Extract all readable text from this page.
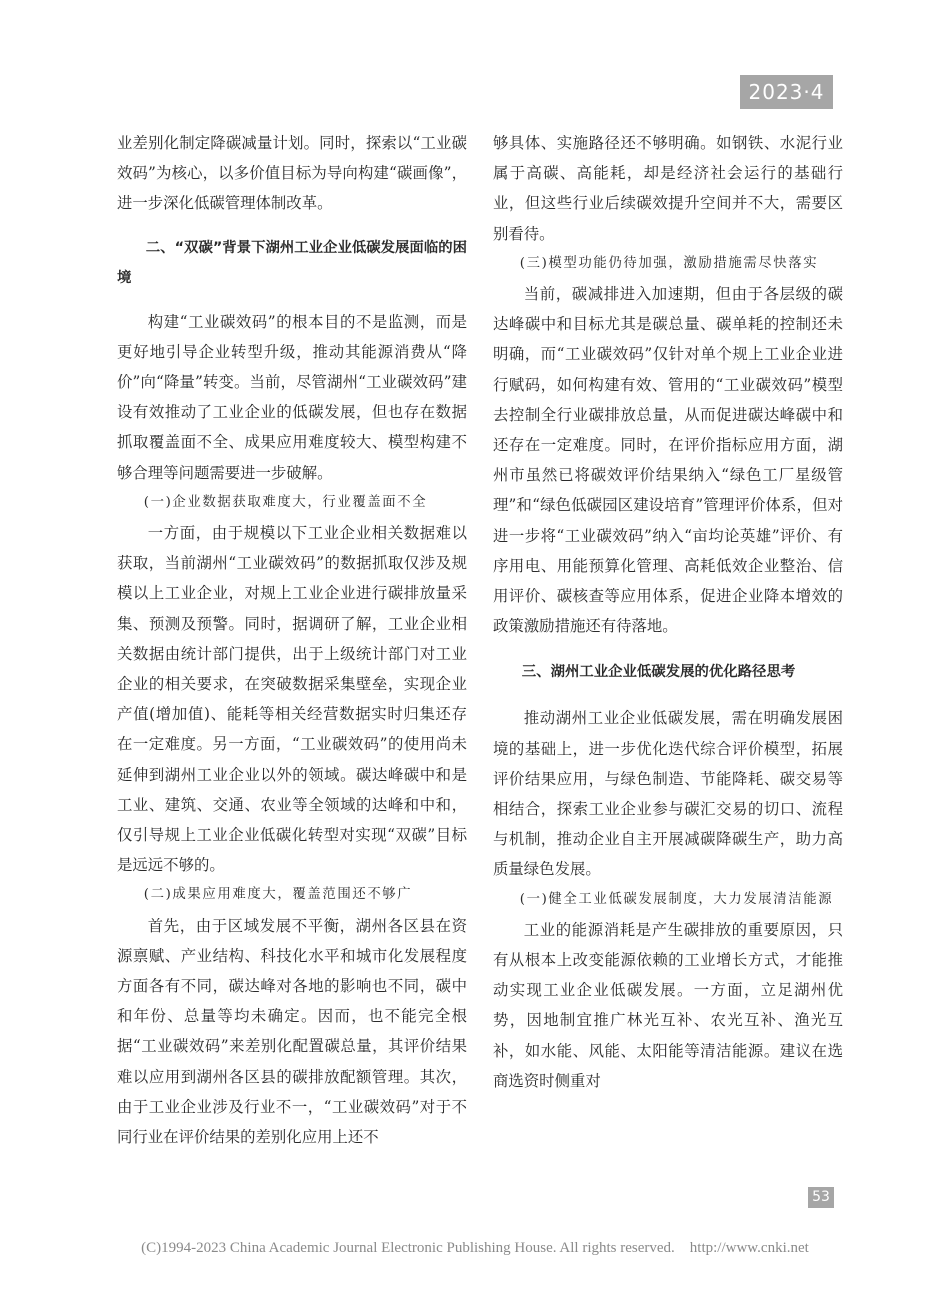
2023·4

业差别化制定降碳减量计划。同时，探索以“工业碳效码”为核心，以多价值目标为导向构建“碳画像”，进一步深化低碳管理体制改革。

二、“双碳”背景下湖州工业企业低碳发展面临的困境

构建“工业碳效码”的根本目的不是监测，而是更好地引导企业转型升级，推动其能源消费从“降价”向“降量”转变。当前，尽管湖州“工业碳效码”建设有效推动了工业企业的低碳发展，但也存在数据抓取覆盖面不全、成果应用难度较大、模型构建不够合理等问题需要进一步破解。

(一)企业数据获取难度大，行业覆盖面不全

一方面，由于规模以下工业企业相关数据难以获取，当前湖州“工业碳效码”的数据抓取仅涉及规模以上工业企业，对规上工业企业进行碳排放量采集、预测及预警。同时，据调研了解，工业企业相关数据由统计部门提供，出于上级统计部门对工业企业的相关要求，在突破数据采集壁垒，实现企业产值(增加值)、能耗等相关经营数据实时归集还存在一定难度。另一方面，“工业碳效码”的使用尚未延伸到湖州工业企业以外的领域。碳达峰碳中和是工业、建筑、交通、农业等全领域的达峰和中和，仅引导规上工业企业低碳化转型对实现“双碳”目标是远远不够的。

(二)成果应用难度大，覆盖范围还不够广

首先，由于区域发展不平衡，湖州各区县在资源禀赋、产业结构、科技化水平和城市化发展程度方面各有不同，碳达峰对各地的影响也不同，碳中和年份、总量等均未确定。因而，也不能完全根据“工业碳效码”来差别化配置碳总量，其评价结果难以应用到湖州各区县的碳排放配额管理。其次，由于工业企业涉及行业不一，“工业碳效码”对于不同行业在评价结果的差别化应用上还不

够具体、实施路径还不够明确。如钢铁、水泥行业属于高碳、高能耗，却是经济社会运行的基础行业，但这些行业后续碳效提升空间并不大，需要区别看待。

(三)模型功能仍待加强，激励措施需尽快落实

当前，碳减排进入加速期，但由于各层级的碳达峰碳中和目标尤其是碳总量、碳单耗的控制还未明确，而“工业碳效码”仅针对单个规上工业企业进行赋码，如何构建有效、管用的“工业碳效码”模型去控制全行业碳排放总量，从而促进碳达峰碳中和还存在一定难度。同时，在评价指标应用方面，湖州市虽然已将碳效评价结果纳入“绿色工厂星级管理”和“绿色低碳园区建设培育”管理评价体系，但对进一步将“工业碳效码”纳入“亩均论英雄”评价、有序用电、用能预算化管理、高耗低效企业整治、信用评价、碳核查等应用体系，促进企业降本增效的政策激励措施还有待落地。

三、湖州工业企业低碳发展的优化路径思考

推动湖州工业企业低碳发展，需在明确发展困境的基础上，进一步优化迭代综合评价模型，拓展评价结果应用，与绿色制造、节能降耗、碳交易等相结合，探索工业企业参与碳汇交易的切口、流程与机制，推动企业自主开展减碳降碳生产，助力高质量绿色发展。

(一)健全工业低碳发展制度，大力发展清洁能源

工业的能源消耗是产生碳排放的重要原因，只有从根本上改变能源依赖的工业增长方式，才能推动实现工业企业低碳发展。一方面，立足湖州优势，因地制宜推广林光互补、农光互补、渔光互补，如水能、风能、太阳能等清洁能源。建议在选商选资时侧重对

53
(C)1994-2023 China Academic Journal Electronic Publishing House. All rights reserved.    http://www.cnki.net
